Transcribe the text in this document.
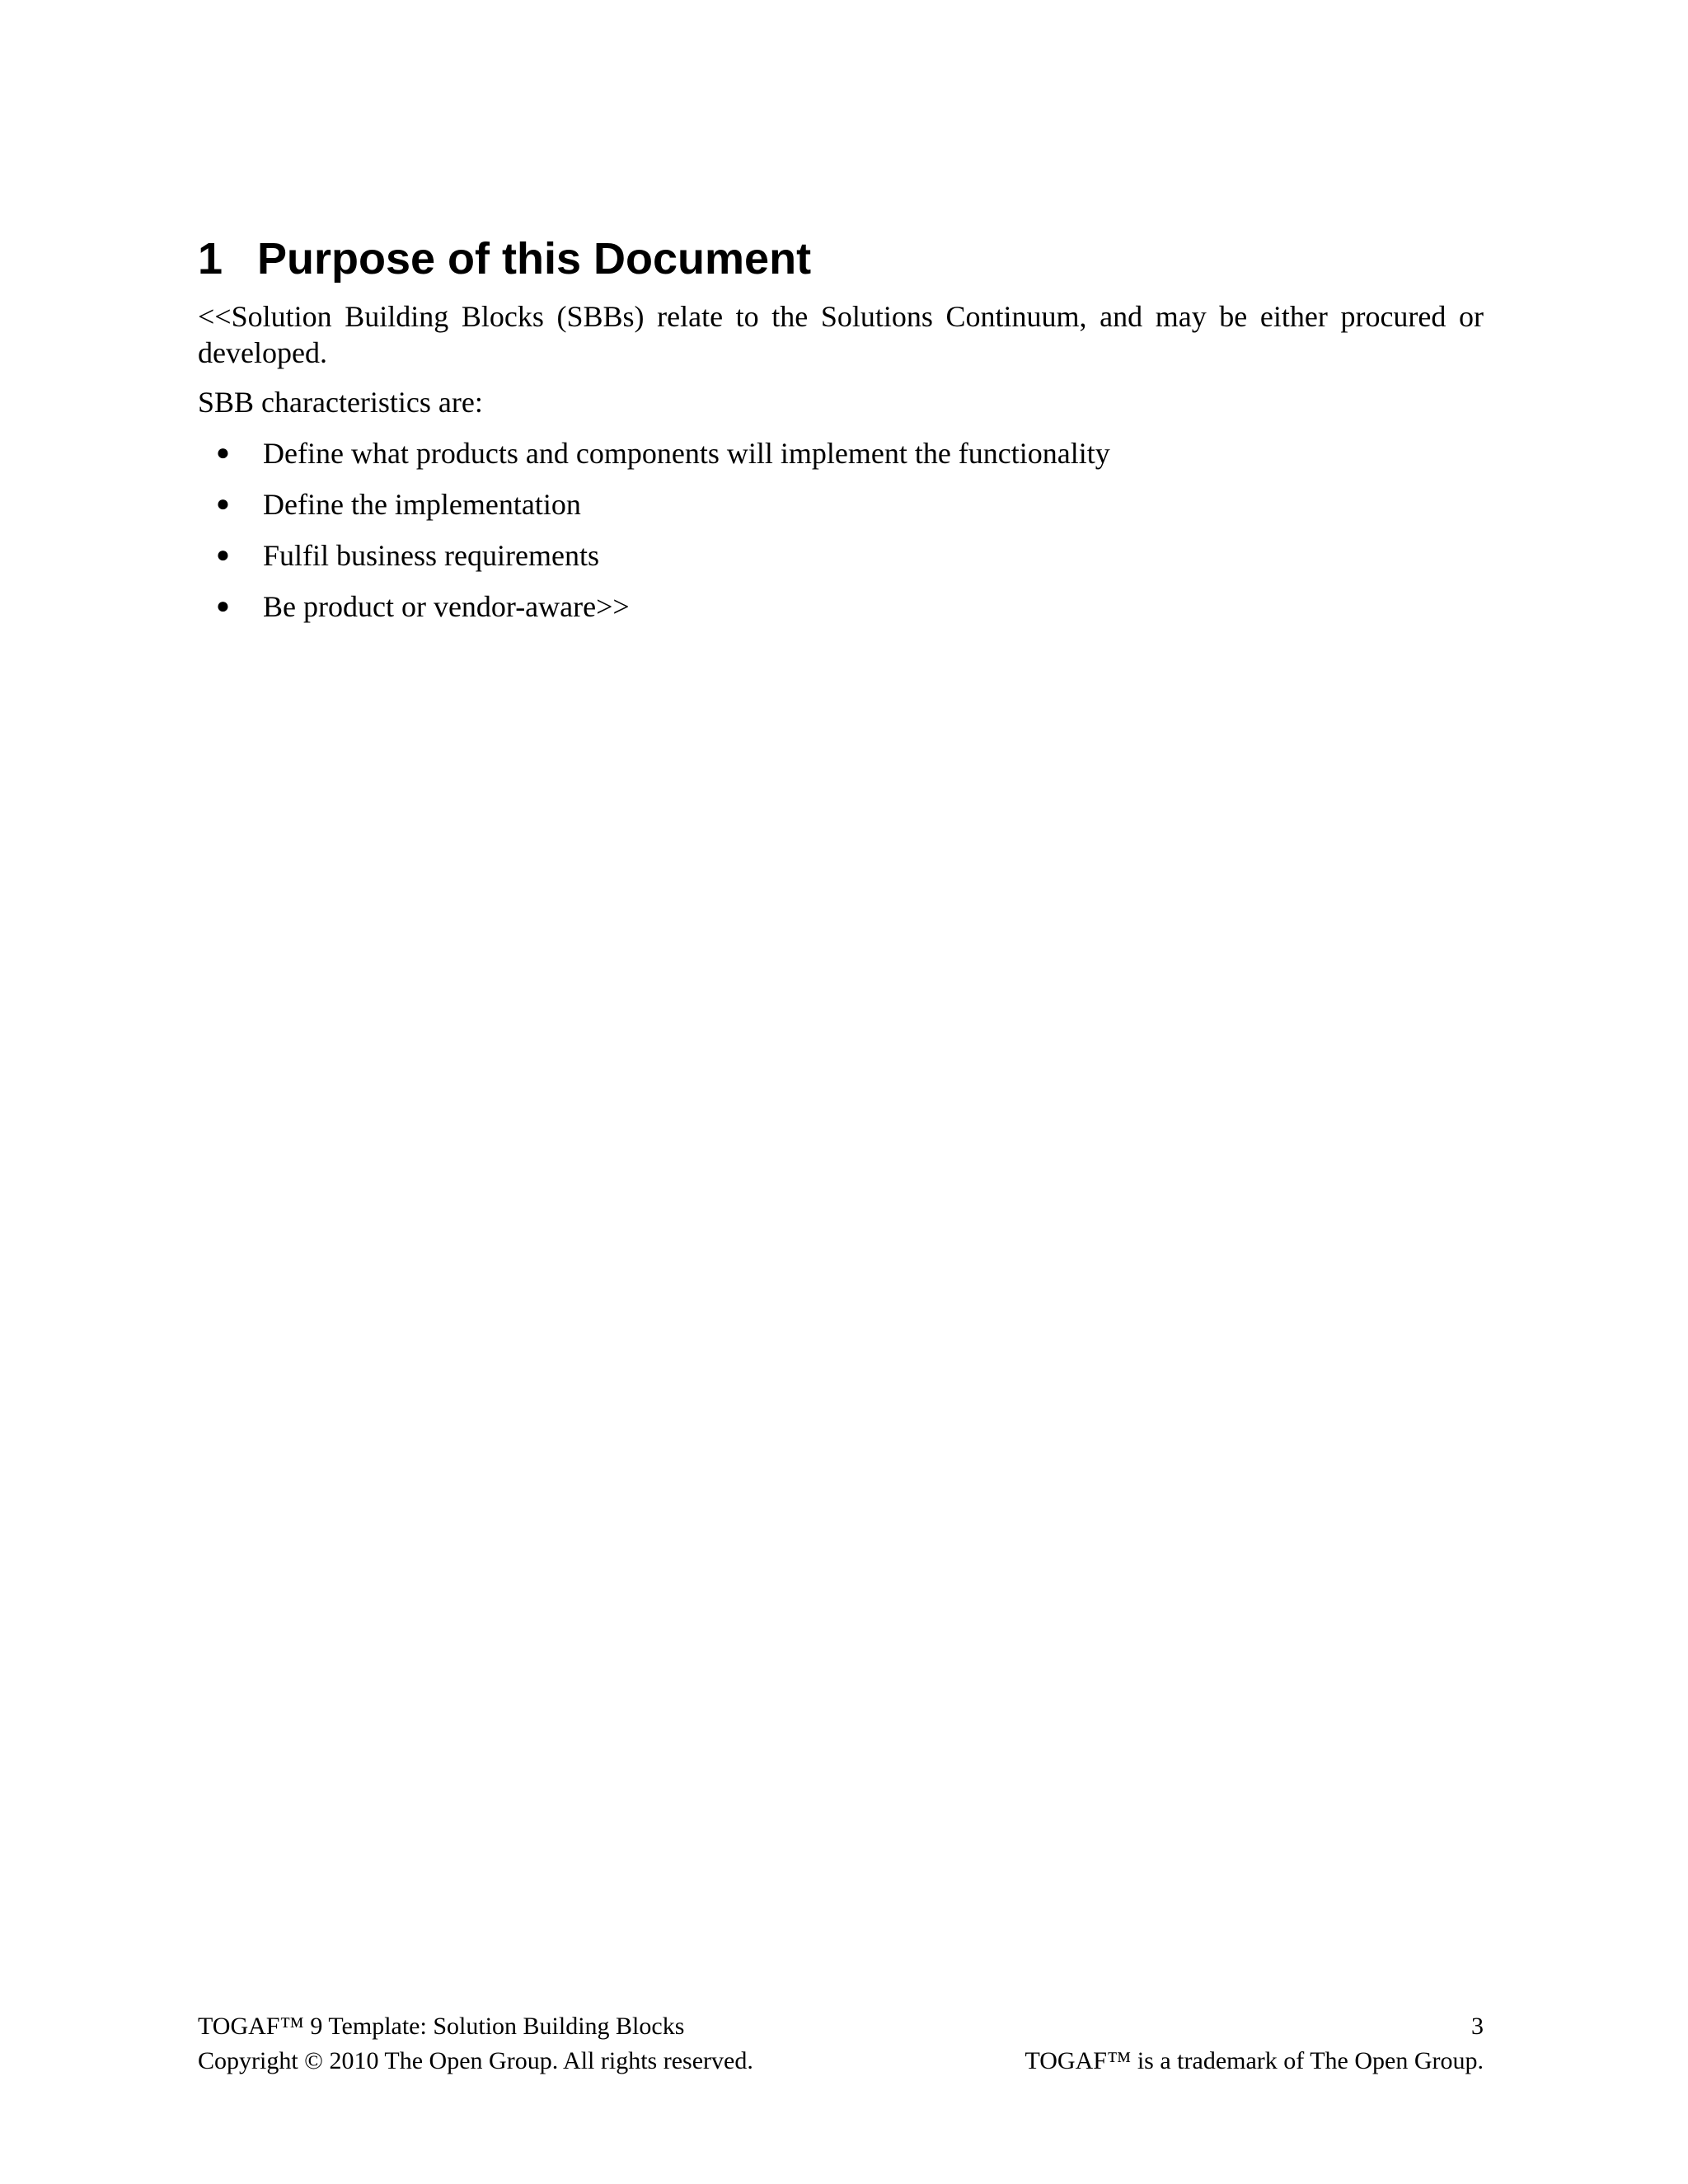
1 Purpose of this Document
<<Solution Building Blocks (SBBs) relate to the Solutions Continuum, and may be either procured or developed.
SBB characteristics are:
● Define what products and components will implement the functionality
● Define the implementation
● Fulfil business requirements
● Be product or vendor-aware>>
TOGAF™ 9 Template: Solution Building Blocks	3
Copyright © 2010 The Open Group. All rights reserved.	TOGAF™ is a trademark of The Open Group.
